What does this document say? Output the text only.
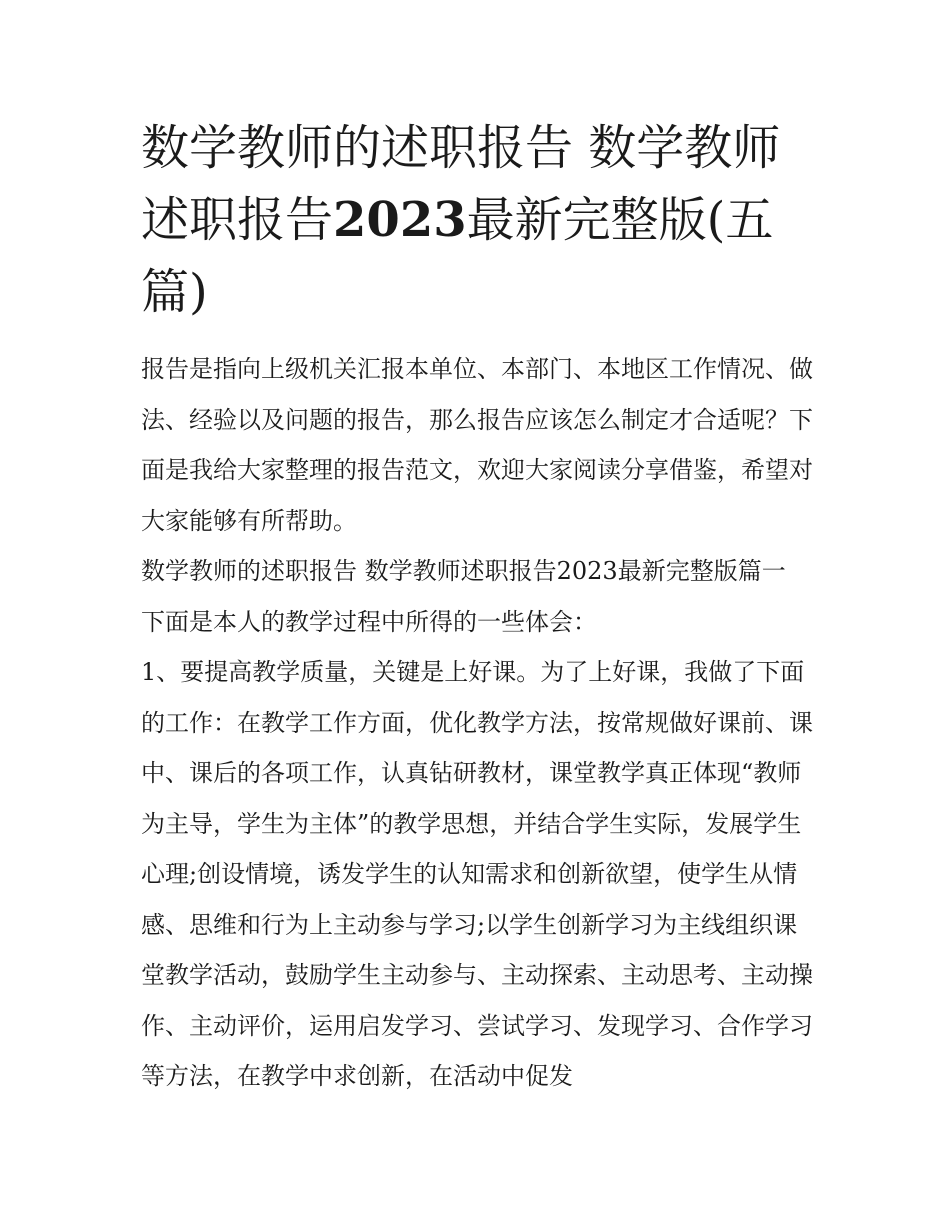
数学教师的述职报告 数学教师述职报告2023最新完整版(五篇)

报告是指向上级机关汇报本单位、本部门、本地区工作情况、做法、经验以及问题的报告，那么报告应该怎么制定才合适呢？下面是我给大家整理的报告范文，欢迎大家阅读分享借鉴，希望对大家能够有所帮助。

数学教师的述职报告 数学教师述职报告2023最新完整版篇一

下面是本人的教学过程中所得的一些体会：

1、要提高教学质量，关键是上好课。为了上好课，我做了下面的工作：在教学工作方面，优化教学方法，按常规做好课前、课中、课后的各项工作，认真钻研教材，课堂教学真正体现“教师为主导，学生为主体”的教学思想，并结合学生实际，发展学生心理;创设情境，诱发学生的认知需求和创新欲望，使学生从情感、思维和行为上主动参与学习;以学生创新学习为主线组织课堂教学活动，鼓励学生主动参与、主动探索、主动思考、主动操作、主动评价，运用启发学习、尝试学习、发现学习、合作学习等方法，在教学中求创新，在活动中促发
